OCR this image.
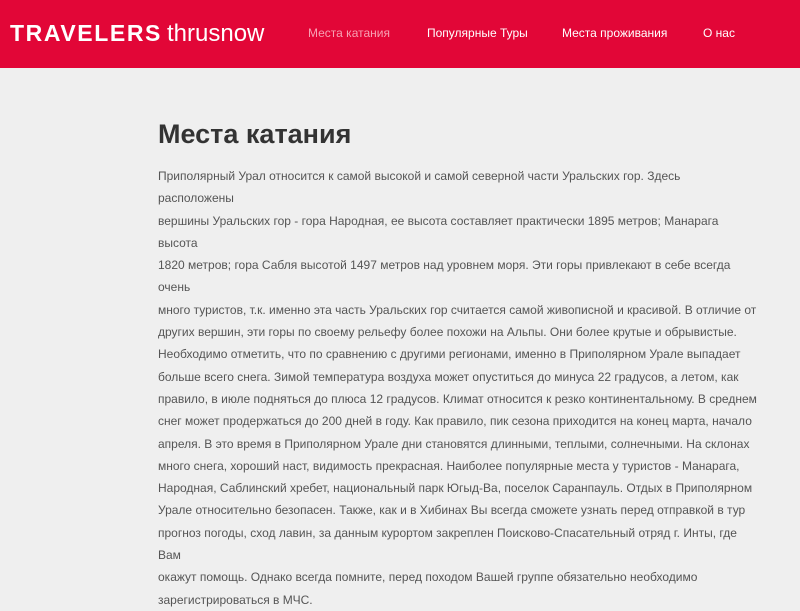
TRAVELERS thrusnow	Места катания	Популярные Туры	Места проживания	О нас
Места катания
Приполярный Урал относится к самой высокой и самой северной части Уральских гор. Здесь расположены
вершины Уральских гор - гора Народная, ее высота составляет практически 1895 метров; Манарага высота
1820 метров; гора Сабля высотой 1497 метров над уровнем моря. Эти горы привлекают в себе всегда очень
много туристов, т.к. именно эта часть Уральских гор считается самой живописной и красивой. В отличие от
других вершин, эти горы по своему рельефу более похожи на Альпы. Они более крутые и обрывистые.
Необходимо отметить, что по сравнению с другими регионами, именно в Приполярном Урале выпадает
больше всего снега. Зимой температура воздуха может опуститься до минуса 22 градусов, а летом, как
правило, в июле подняться до плюса 12 градусов. Климат относится к резко континентальному. В среднем
снег может продержаться до 200 дней в году. Как правило, пик сезона приходится на конец марта, начало
апреля. В это время в Приполярном Урале дни становятся длинными, теплыми, солнечными. На склонах
много снега, хороший наст, видимость прекрасная. Наиболее популярные места у туристов - Манарага,
Народная, Саблинский хребет, национальный парк Югыд-Ва, поселок Саранпауль. Отдых в Приполярном
Урале относительно безопасен. Также, как и в Хибинах Вы всегда сможете узнать перед отправкой в тур
прогноз погоды, сход лавин, за данным курортом закреплен Поисково-Спасательный отряд г. Инты, где Вам
окажут помощь. Однако всегда помните, перед походом Вашей группе обязательно необходимо
зарегистрироваться в МЧС.
